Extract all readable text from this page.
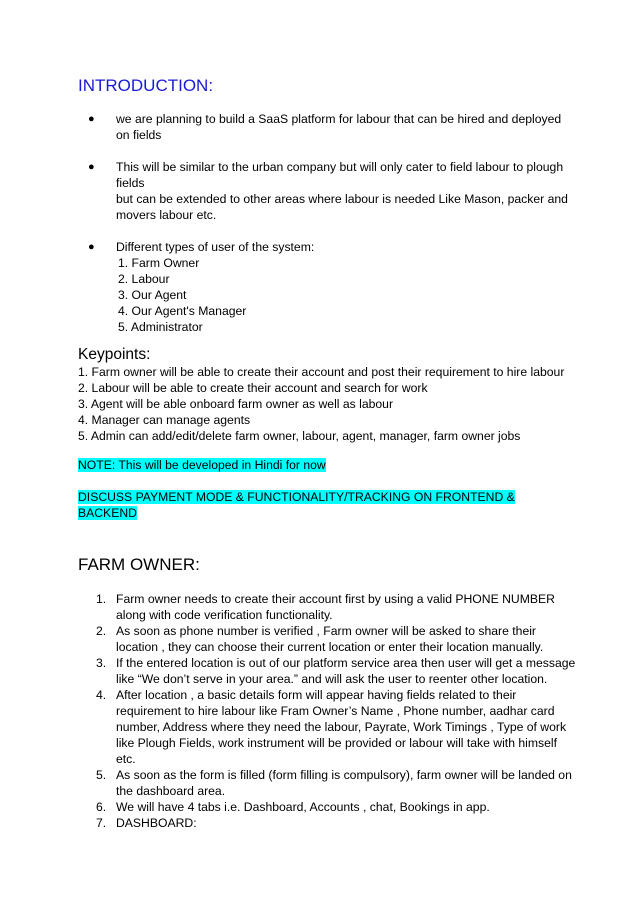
INTRODUCTION:
● we are planning to build a SaaS platform for labour that can be hired and deployed
on fields
● This will be similar to the urban company but will only cater to field labour to plough
fields
but can be extended to other areas where labour is needed Like Mason, packer and
movers labour etc.
● Different types of user of the system:
1. Farm Owner
2. Labour
3. Our Agent
4. Our Agent's Manager
5. Administrator
Keypoints:
1. Farm owner will be able to create their account and post their requirement to hire labour
2. Labour will be able to create their account and search for work
3. Agent will be able onboard farm owner as well as labour
4. Manager can manage agents
5. Admin can add/edit/delete farm owner, labour, agent, manager, farm owner jobs

NOTE: This will be developed in Hindi for now

DISCUSS PAYMENT MODE & FUNCTIONALITY/TRACKING ON FRONTEND &
BACKEND

FARM OWNER:
1. Farm owner needs to create their account first by using a valid PHONE NUMBER
along with code verification functionality.
2. As soon as phone number is verified , Farm owner will be asked to share their
location , they can choose their current location or enter their location manually.
3. If the entered location is out of our platform service area then user will get a message
like “We don’t serve in your area.” and will ask the user to reenter other location.
4. After location , a basic details form will appear having fields related to their
requirement to hire labour like Fram Owner’s Name , Phone number, aadhar card
number, Address where they need the labour, Payrate, Work Timings , Type of work
like Plough Fields, work instrument will be provided or labour will take with himself
etc.
5. As soon as the form is filled (form filling is compulsory), farm owner will be landed on
the dashboard area.
6. We will have 4 tabs i.e. Dashboard, Accounts , chat, Bookings in app.
7. DASHBOARD:
